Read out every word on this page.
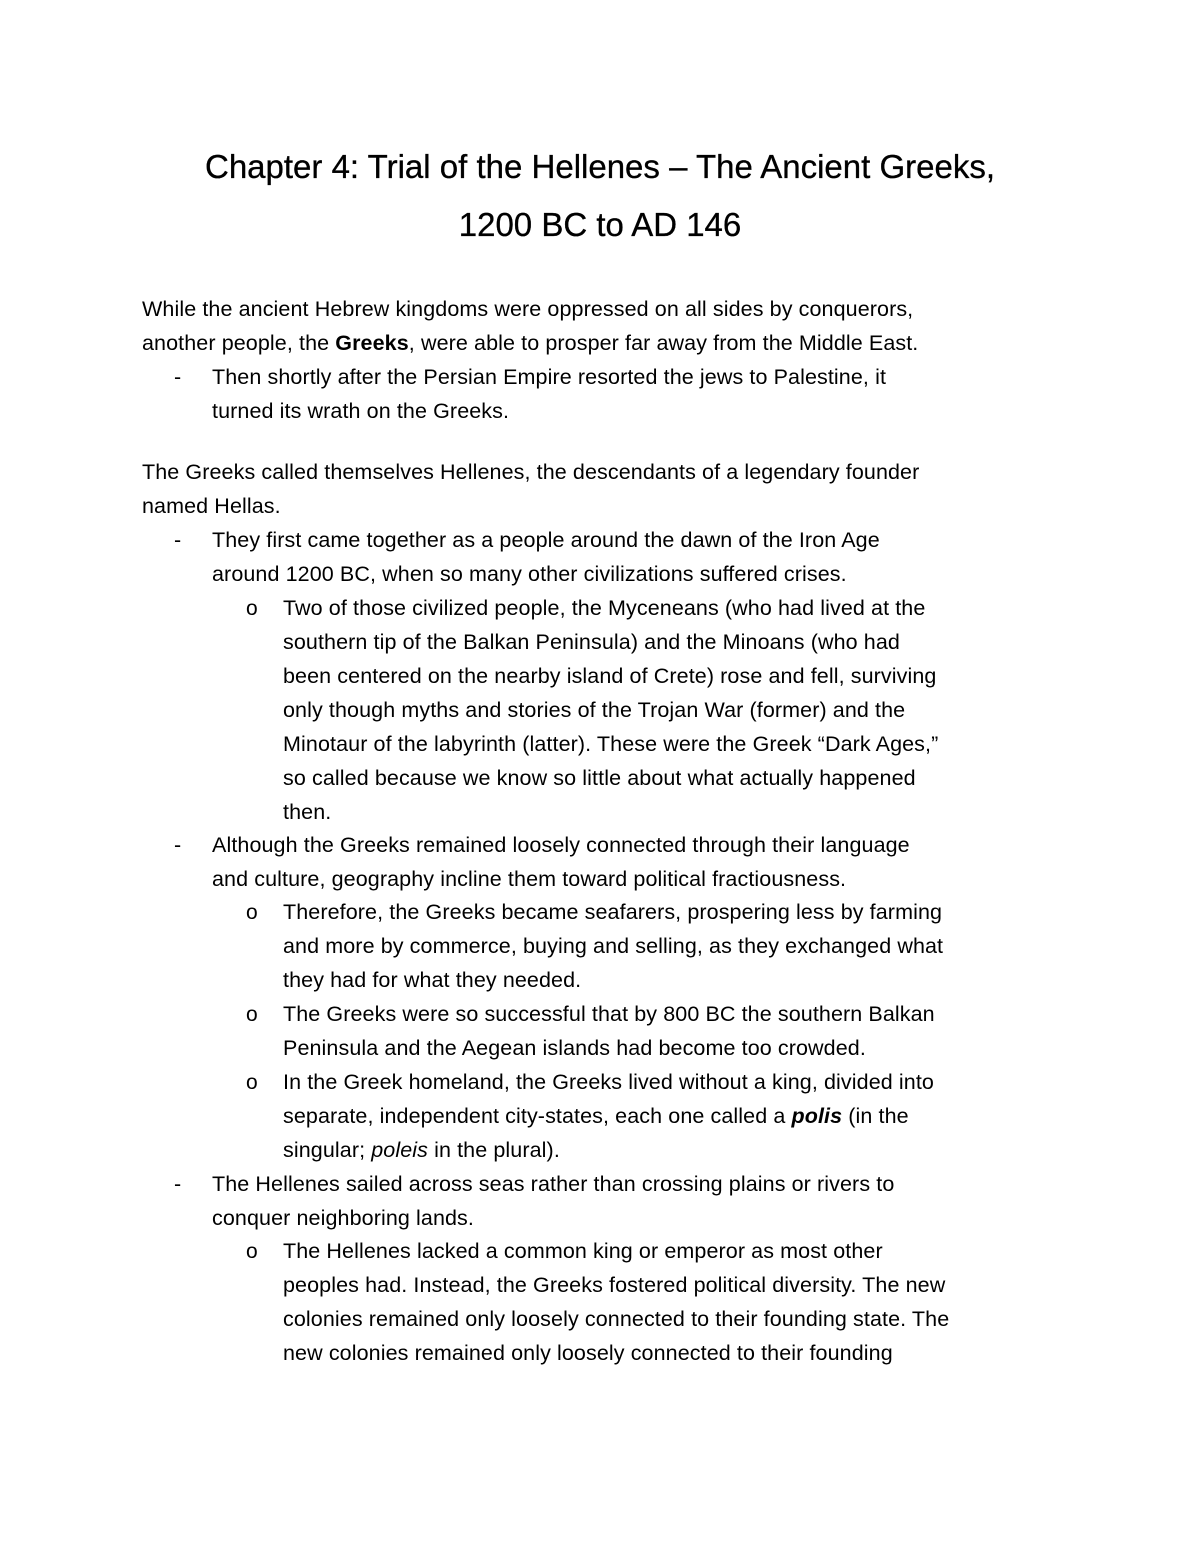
Chapter 4: Trial of the Hellenes – The Ancient Greeks,
1200 BC to AD 146
While the ancient Hebrew kingdoms were oppressed on all sides by conquerors,
another people, the Greeks, were able to prosper far away from the Middle East.
- Then shortly after the Persian Empire resorted the jews to Palestine, it
turned its wrath on the Greeks.
The Greeks called themselves Hellenes, the descendants of a legendary founder
named Hellas.
- They first came together as a people around the dawn of the Iron Age
around 1200 BC, when so many other civilizations suffered crises.
o Two of those civilized people, the Myceneans (who had lived at the
southern tip of the Balkan Peninsula) and the Minoans (who had
been centered on the nearby island of Crete) rose and fell, surviving
only though myths and stories of the Trojan War (former) and the
Minotaur of the labyrinth (latter). These were the Greek “Dark Ages,”
so called because we know so little about what actually happened
then.
- Although the Greeks remained loosely connected through their language
and culture, geography incline them toward political fractiousness.
o Therefore, the Greeks became seafarers, prospering less by farming
and more by commerce, buying and selling, as they exchanged what
they had for what they needed.
o The Greeks were so successful that by 800 BC the southern Balkan
Peninsula and the Aegean islands had become too crowded.
o In the Greek homeland, the Greeks lived without a king, divided into
separate, independent city-states, each one called a polis (in the
singular; poleis in the plural).
- The Hellenes sailed across seas rather than crossing plains or rivers to
conquer neighboring lands.
o The Hellenes lacked a common king or emperor as most other
peoples had. Instead, the Greeks fostered political diversity. The new
colonies remained only loosely connected to their founding state. The
new colonies remained only loosely connected to their founding
